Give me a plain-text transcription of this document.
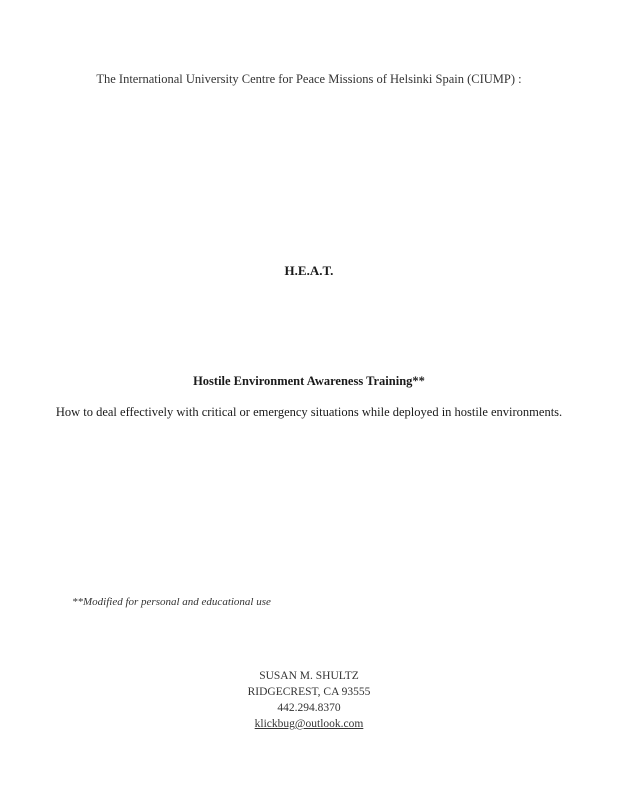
The International University Centre for Peace Missions of Helsinki Spain (CIUMP) :
H.E.A.T.
Hostile Environment Awareness Training**
How to deal effectively with critical or emergency situations while deployed in hostile environments.
**Modified for personal and educational use
SUSAN M. SHULTZ
RIDGECREST, CA 93555
442.294.8370
klickbug@outlook.com
